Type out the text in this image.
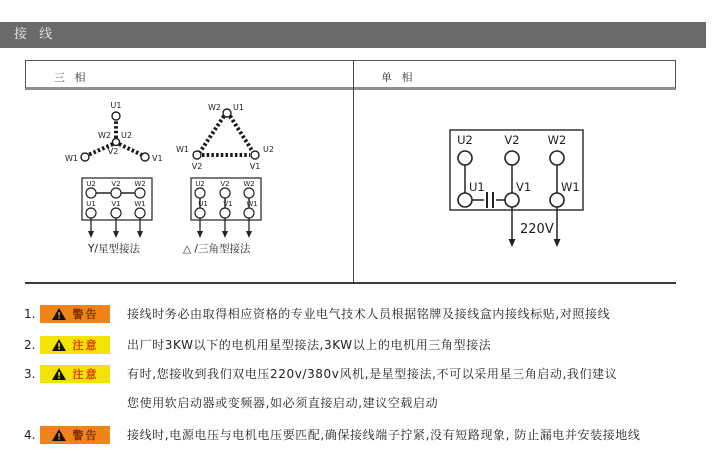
接 线
三 相	单 相
U1
W2 U2
V2
W1	V1
W2 U1
W1
V2
U2
V1
U2 V2 W2
U1 V1 W1
U2 V2 W2
U1 V1 W1
Y/星型接法	△ /三角型接法
U2	V2 W2
U1	V1	W1
220V
1.	! 警告 接线时务必由取得相应资格的专业电气技术人员根据铭牌及接线盒内接线标贴,对照接线
2.	! 注意 出厂时3KW以下的电机用星型接法,3KW以上的电机用三角型接法
3.	! 注意 有时,您接收到我们双电压220v/380v风机,是星型接法,不可以采用星三角启动,我们建议
您使用软启动器或变频器,如必须直接启动,建议空载启动
4.	! 警告 接线时,电源电压与电机电压要匹配,确保接线端子拧紧,没有短路现象, 防止漏电并安装接地线
